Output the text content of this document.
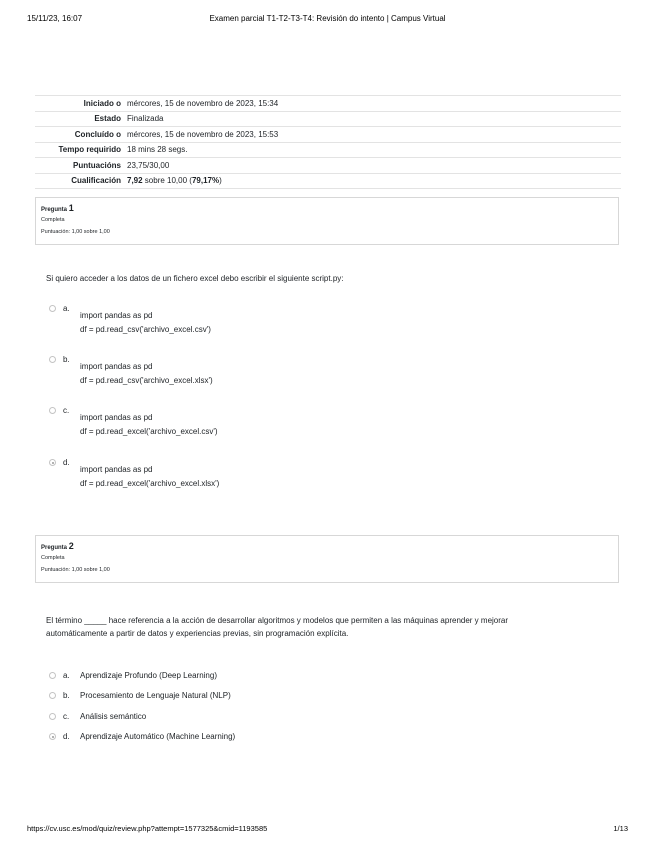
15/11/23, 16:07	Examen parcial T1-T2-T3-T4: Revisión do intento | Campus Virtual
Iniciado o	mércores, 15 de novembro de 2023, 15:34
Estado	Finalizada
Concluído o	mércores, 15 de novembro de 2023, 15:53
Tempo requirido	18 mins 28 segs.
Puntuacións	23,75/30,00
Cualificación	7,92 sobre 10,00 (79,17%)
Pregunta 1
Completa
Puntuación: 1,00 sobre 1,00
Si quiero acceder a los datos de un fichero excel debo escribir el siguiente script.py:
a.
import pandas as pd
df = pd.read_csv('archivo_excel.csv')
b.
import pandas as pd
df = pd.read_csv('archivo_excel.xlsx')
c.
import pandas as pd
df = pd.read_excel('archivo_excel.csv')
d.
import pandas as pd
df = pd.read_excel('archivo_excel.xlsx')
Pregunta 2
Completa
Puntuación: 1,00 sobre 1,00
El término _____ hace referencia a la acción de desarrollar algoritmos y modelos que permiten a las máquinas aprender y mejorar
automáticamente a partir de datos y experiencias previas, sin programación explícita.
a. Aprendizaje Profundo (Deep Learning)
b. Procesamiento de Lenguaje Natural (NLP)
c. Análisis semántico
d. Aprendizaje Automático (Machine Learning)
https://cv.usc.es/mod/quiz/review.php?attempt=1577325&cmid=1193585	1/13
